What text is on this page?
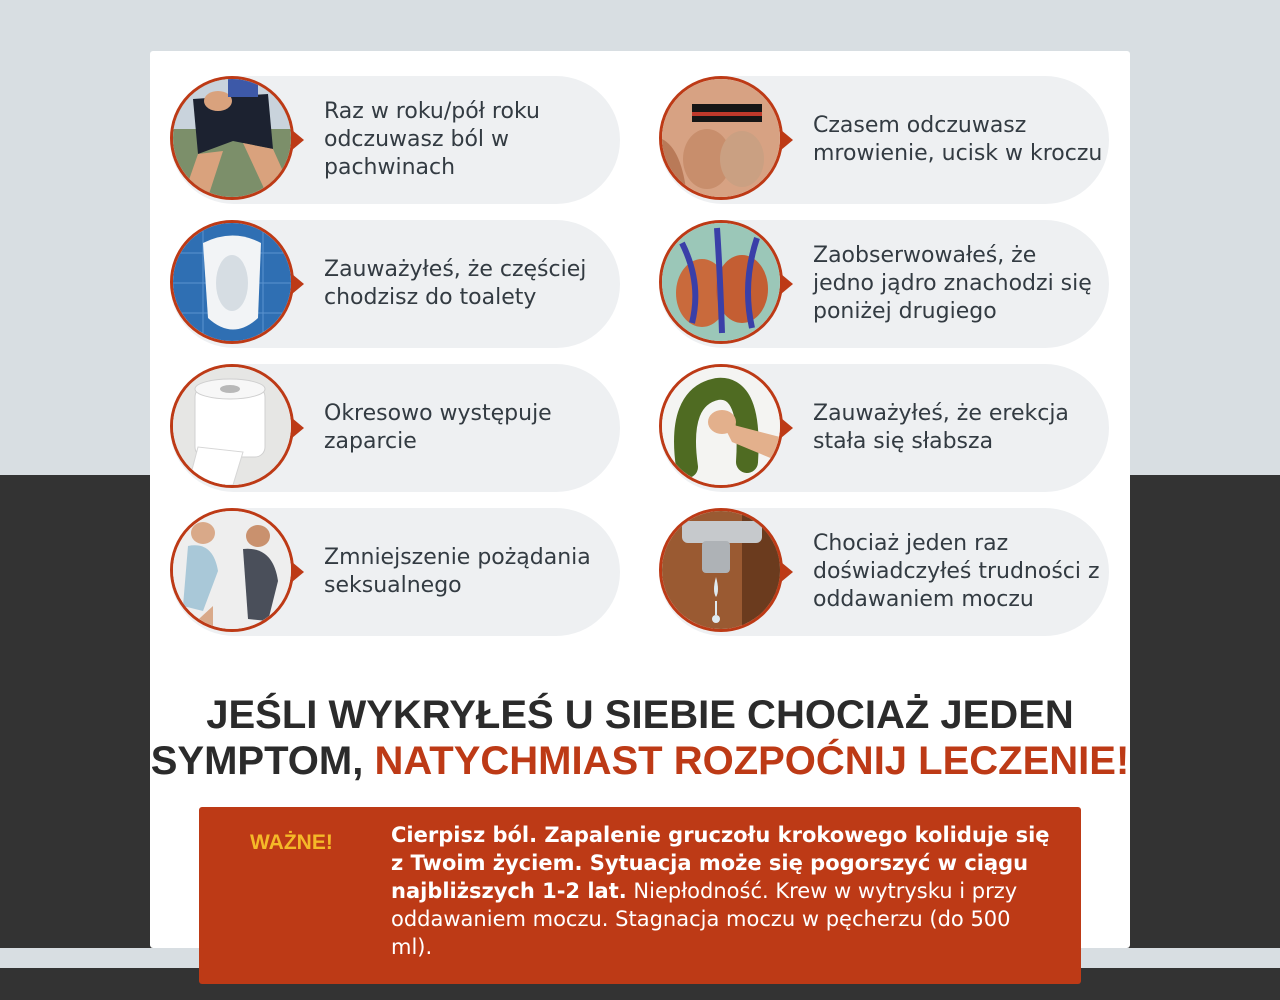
Raz w roku/pół roku odczuwasz ból w pachwinach
Czasem odczuwasz mrowienie, ucisk w kroczu
Zauważyłeś, że częściej chodzisz do toalety
Zaobserwowałeś, że jedno jądro znachodzi się poniżej drugiego
Okresowo występuje zaparcie
Zauważyłeś, że erekcja stała się słabsza
Zmniejszenie pożądania seksualnego
Chociaż jeden raz doświadczyłeś trudności z oddawaniem moczu
JEŚLI WYKRYŁEŚ U SIEBIE CHOCIAŻ JEDEN SYMPTOM, NATYCHMIAST ROZPOĆNIJ LECZENIE!
WAŻNE!	Cierpisz ból. Zapalenie gruczołu krokowego koliduje się z Twoim życiem. Sytuacja może się pogorszyć w ciągu najbliższych 1-2 lat. Niepłodność. Krew w wytrysku i przy oddawaniem moczu. Stagnacja moczu w pęcherzu (do 500 ml).
